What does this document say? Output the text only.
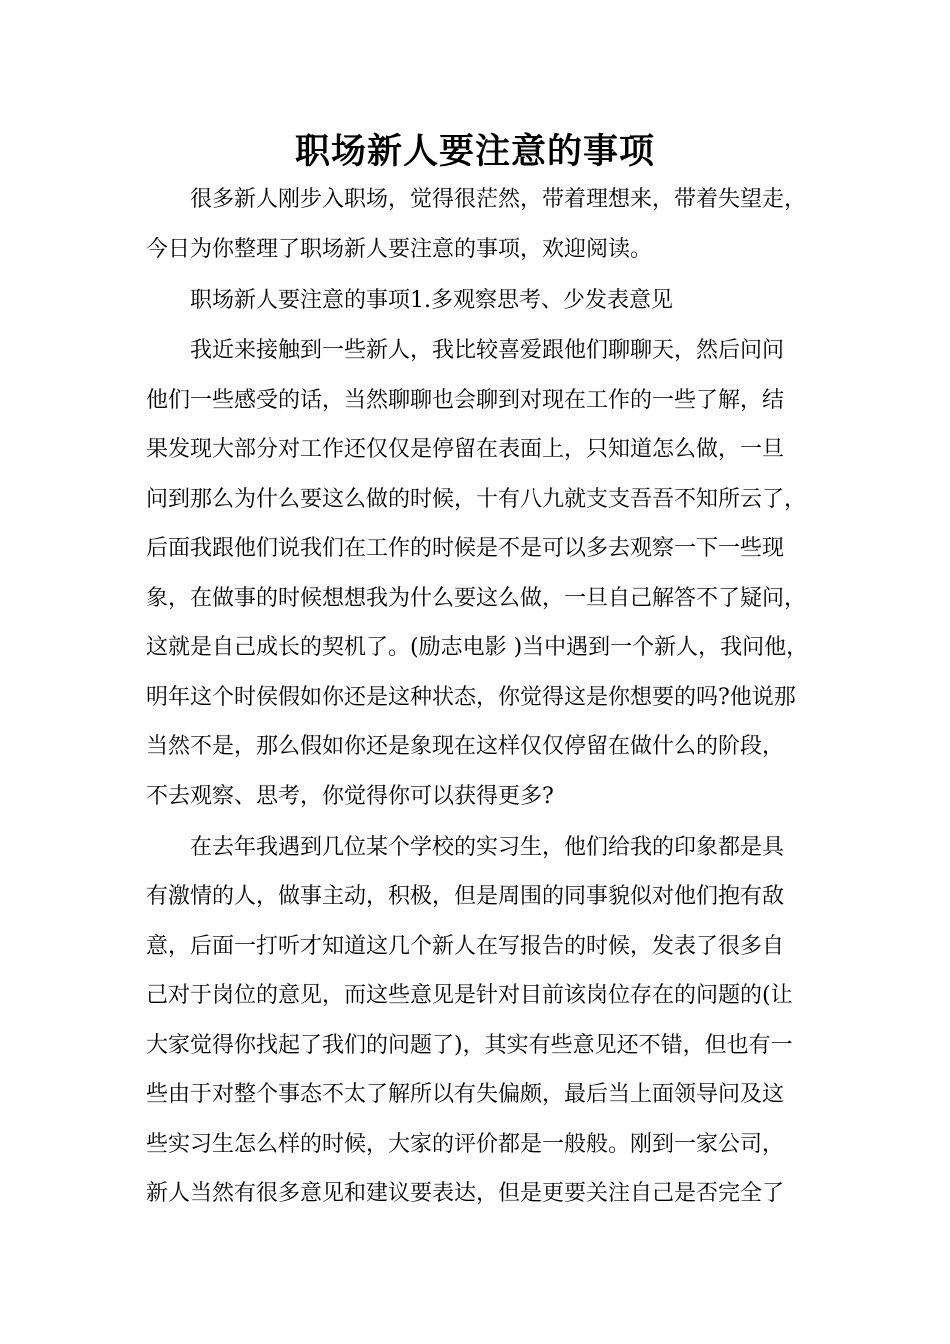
职场新人要注意的事项
很多新人刚步入职场，觉得很茫然，带着理想来，带着失望走，
今日为你整理了职场新人要注意的事项，欢迎阅读。
职场新人要注意的事项1.多观察思考、少发表意见
我近来接触到一些新人，我比较喜爱跟他们聊聊天，然后问问
他们一些感受的话，当然聊聊也会聊到对现在工作的一些了解，结
果发现大部分对工作还仅仅是停留在表面上，只知道怎么做，一旦
问到那么为什么要这么做的时候，十有八九就支支吾吾不知所云了，
后面我跟他们说我们在工作的时候是不是可以多去观察一下一些现
象，在做事的时候想想我为什么要这么做，一旦自己解答不了疑问，
这就是自己成长的契机了。(励志电影 )当中遇到一个新人，我问他，
明年这个时侯假如你还是这种状态，你觉得这是你想要的吗?他说那
当然不是，那么假如你还是象现在这样仅仅停留在做什么的阶段，
不去观察、思考，你觉得你可以获得更多?
在去年我遇到几位某个学校的实习生，他们给我的印象都是具
有激情的人，做事主动，积极，但是周围的同事貌似对他们抱有敌
意，后面一打听才知道这几个新人在写报告的时候，发表了很多自
己对于岗位的意见，而这些意见是针对目前该岗位存在的问题的(让
大家觉得你找起了我们的问题了)，其实有些意见还不错，但也有一
些由于对整个事态不太了解所以有失偏颇，最后当上面领导问及这
些实习生怎么样的时候，大家的评价都是一般般。刚到一家公司，
新人当然有很多意见和建议要表达，但是更要关注自己是否完全了
